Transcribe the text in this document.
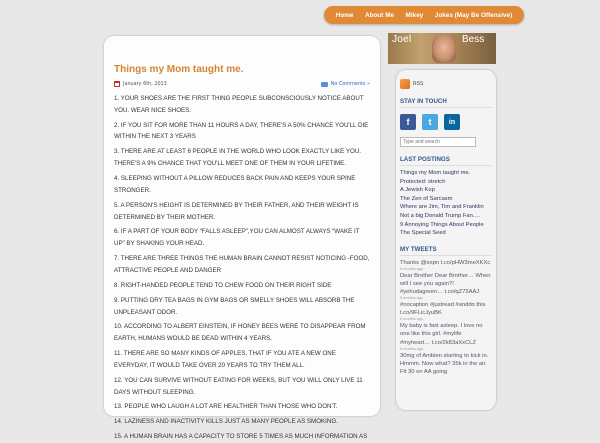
Home About Me Mikey Jokes (May Be Offensive)
Things my Mom taught me.
January 6th, 2013	No Comments »

1. YOUR SHOES ARE THE FIRST THING PEOPLE SUBCONSCIOUSLY NOTICE ABOUT YOU. WEAR NICE SHOES.

2. IF YOU SIT FOR MORE THAN 11 HOURS A DAY, THERE'S A 50% CHANCE YOU'LL DIE WITHIN THE NEXT 3 YEARS

3. THERE ARE AT LEAST 6 PEOPLE IN THE WORLD WHO LOOK EXACTLY LIKE YOU. THERE'S A 9% CHANCE THAT YOU'LL MEET ONE OF THEM IN YOUR LIFETIME.

4. SLEEPING WITHOUT A PILLOW REDUCES BACK PAIN AND KEEPS YOUR SPINE STRONGER.

5. A PERSON'S HEIGHT IS DETERMINED BY THEIR FATHER, AND THEIR WEIGHT IS DETERMINED BY THEIR MOTHER.

6. IF A PART OF YOUR BODY “FALLS ASLEEP”,YOU CAN ALMOST ALWAYS “WAKE IT UP” BY SHAKING YOUR HEAD.

7. THERE ARE THREE THINGS THE HUMAN BRAIN CANNOT RESIST NOTICING -FOOD, ATTRACTIVE PEOPLE AND DANGER

8. RIGHT-HANDED PEOPLE TEND TO CHEW FOOD ON THEIR RIGHT SIDE

9. PUTTING DRY TEA BAGS IN GYM BAGS OR SMELLY SHOES WILL ABSORB THE UNPLEASANT ODOR.

10. ACCORDING TO ALBERT EINSTEIN, IF HONEY BEES WERE TO DISAPPEAR FROM EARTH, HUMANS WOULD BE DEAD WITHIN 4 YEARS.

11. THERE ARE SO MANY KINDS OF APPLES, THAT IF YOU ATE A NEW ONE EVERYDAY, IT WOULD TAKE OVER 20 YEARS TO TRY THEM ALL.

12. YOU CAN SURVIVE WITHOUT EATING FOR WEEKS, BUT YOU WILL ONLY LIVE 11 DAYS WITHOUT SLEEPING.

13. PEOPLE WHO LAUGH A LOT ARE HEALTHIER THAN THOSE WHO DON'T.

14. LAZINESS AND INACTIVITY KILLS JUST AS MANY PEOPLE AS SMOKING.

15. A HUMAN BRAIN HAS A CAPACITY TO STORE 5 TIMES AS MUCH INFORMATION AS

Joel	Bess
RSS
STAY IN TOUCH
f	t	in
Type and search
LAST POSTINGS
Things my Mom taught me.
Protected: stretch
A Jewish Kop
The Zen of Sarcasm
Where are Jim, Tim and Franklin
Not a big Donald Trump Fan….
9 Annoying Things About People
The Special Seed
MY TWEETS
Thanks @espn t.co/pHW3meXKXc
5 months ago
Dear Brother Dear Brother… When will I see you again?! #yehudagreen… t.co/qZ72AAJ
5 months ago
#nocaption #justread #anddo this t.co/9FLicJyuBK
5 months ago
My baby is fast asleep. I love no one like this girl. #mylife #myheart… t.co/2k83aXxCLZ
5 months ago
30mg of Ambien starting to kick in. Hmmm. Now what? 35k in the air. Flt 30 on AA going
